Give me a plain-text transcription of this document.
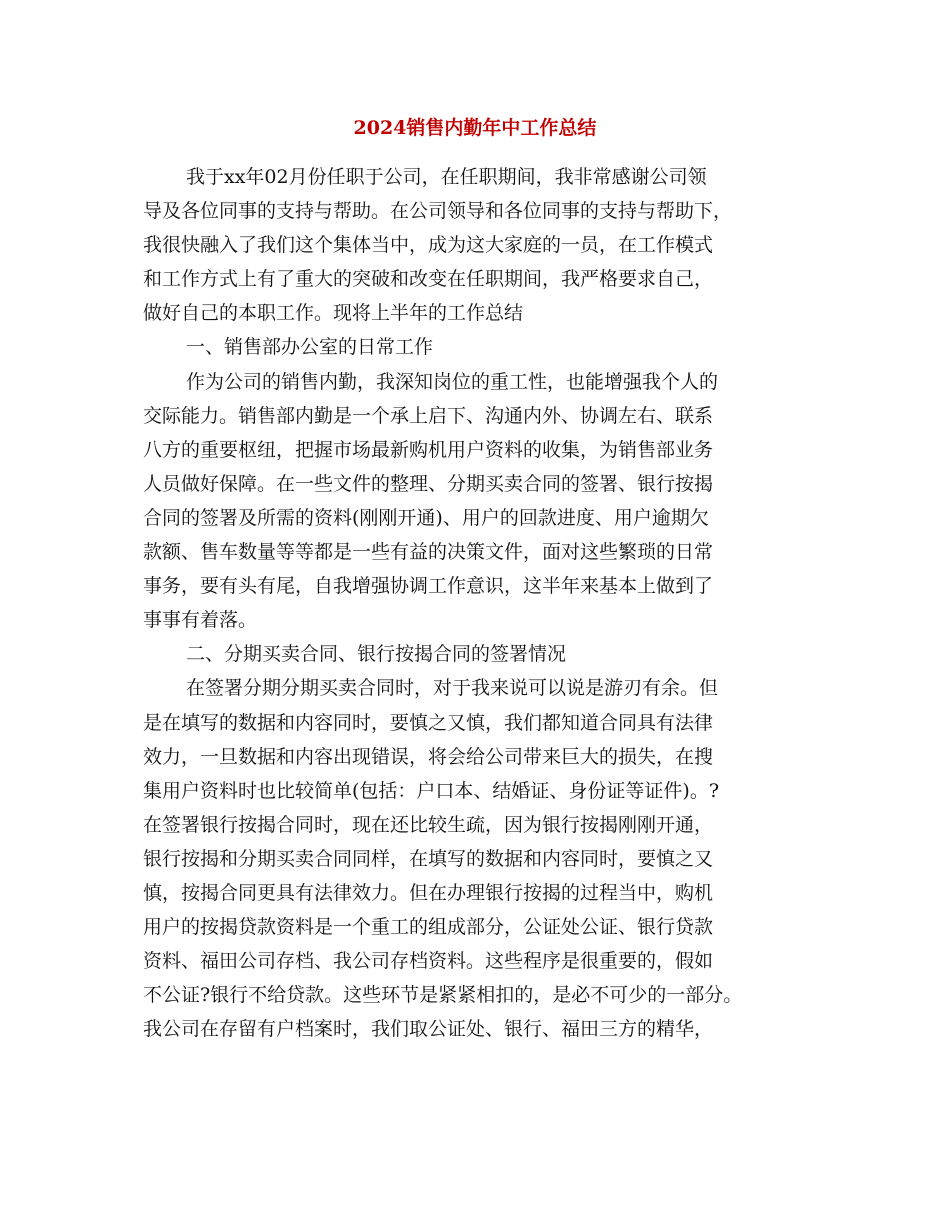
2024销售内勤年中工作总结
我于xx年02月份任职于公司，在任职期间，我非常感谢公司领
导及各位同事的支持与帮助。在公司领导和各位同事的支持与帮助下，
我很快融入了我们这个集体当中，成为这大家庭的一员，在工作模式
和工作方式上有了重大的突破和改变在任职期间，我严格要求自己，
做好自己的本职工作。现将上半年的工作总结
一、销售部办公室的日常工作
作为公司的销售内勤，我深知岗位的重工性，也能增强我个人的
交际能力。销售部内勤是一个承上启下、沟通内外、协调左右、联系
八方的重要枢纽，把握市场最新购机用户资料的收集，为销售部业务
人员做好保障。在一些文件的整理、分期买卖合同的签署、银行按揭
合同的签署及所需的资料(刚刚开通)、用户的回款进度、用户逾期欠
款额、售车数量等等都是一些有益的决策文件，面对这些繁琐的日常
事务，要有头有尾，自我增强协调工作意识，这半年来基本上做到了
事事有着落。
二、分期买卖合同、银行按揭合同的签署情况
在签署分期分期买卖合同时，对于我来说可以说是游刃有余。但
是在填写的数据和内容同时，要慎之又慎，我们都知道合同具有法律
效力，一旦数据和内容出现错误，将会给公司带来巨大的损失，在搜
集用户资料时也比较简单(包括：户口本、结婚证、身份证等证件)。?
在签署银行按揭合同时，现在还比较生疏，因为银行按揭刚刚开通，
银行按揭和分期买卖合同同样，在填写的数据和内容同时，要慎之又
慎，按揭合同更具有法律效力。但在办理银行按揭的过程当中，购机
用户的按揭贷款资料是一个重工的组成部分，公证处公证、银行贷款
资料、福田公司存档、我公司存档资料。这些程序是很重要的，假如
不公证?银行不给贷款。这些环节是紧紧相扣的，是必不可少的一部分。
我公司在存留有户档案时，我们取公证处、银行、福田三方的精华，
